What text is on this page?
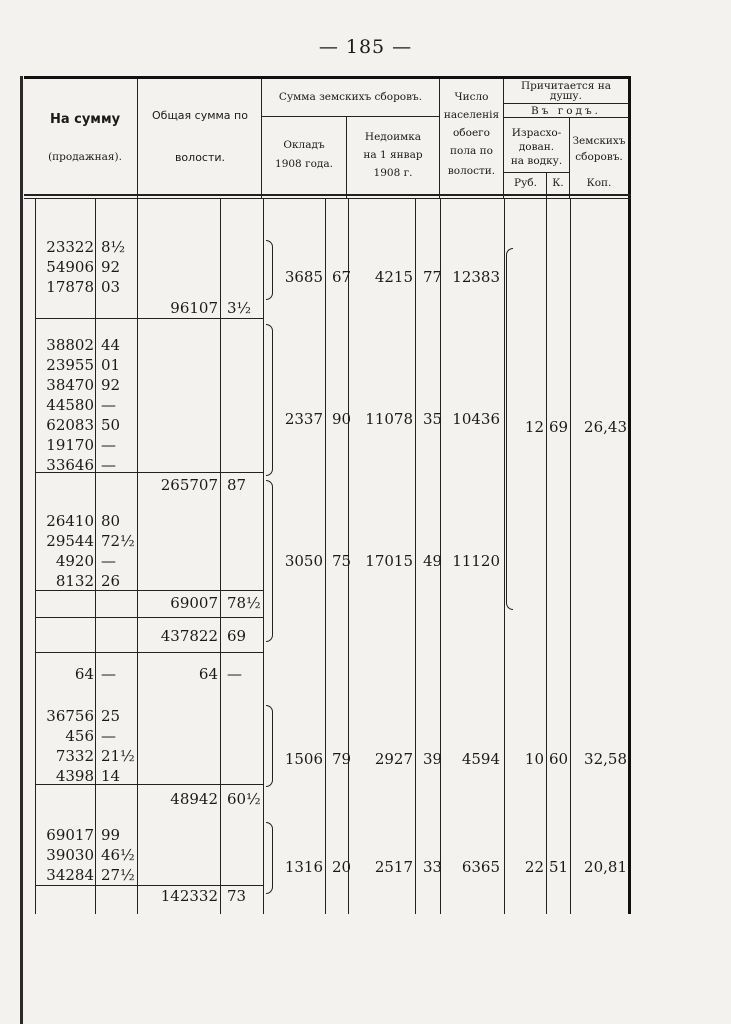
— 185 —
На сумму
(продажная).
Общая сумма по
волости.
Сумма земскихъ сборовъ.
Окладъ
1908 года.
Недоимка
на 1 январ
1908 г.
Число
населенія
обоего
пола по
волости.
Причитается на
душу.
Въ годъ.
Израсхо-
дован.
на водку.
Земскихъ
сборовъ.
Руб.	К.	Коп.
23322 8½
54906 92
17878 03
38802 44
23955 01
38470 92
44580 —
62083 50
19170 —
33646 —
26410 80
29544 72½
4920 —
8132 26
64 —
36756 25
456 —
7332 21½
4398 14
69017 99
39030 46½
34284 27½
96107 3½
265707 87
69007 78½
437822 69
64 —
48942 60½
142332 73
3685 67 4215 77 12383
2337 90 11078 35 10436
3050 75 17015 49 11120
1506 79 2927 39 4594
1316 20 2517 33 6365
12 69 26,43
10 60 32,58
22 51 20,81
